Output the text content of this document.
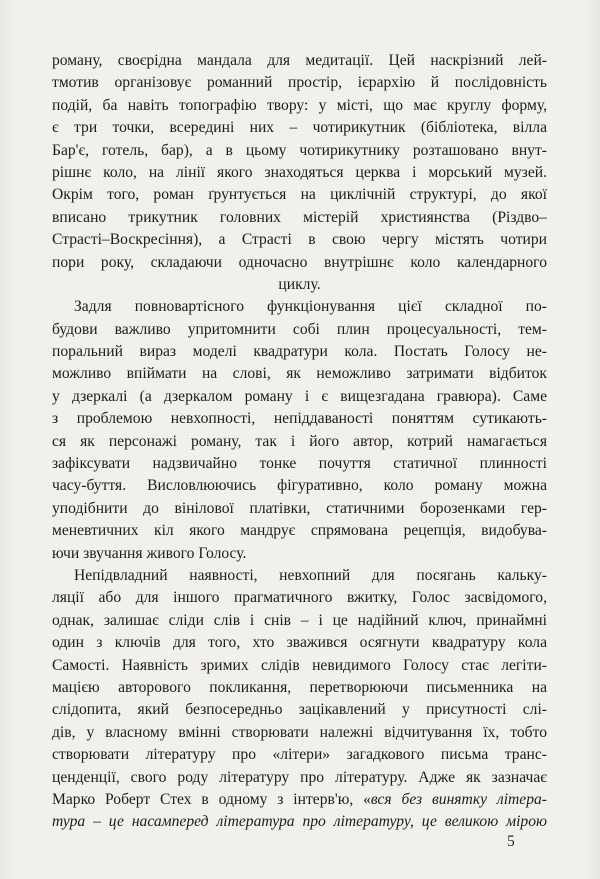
роману, своєрідна мандала для медитації. Цей наскрізний лей-
тмотив організовує романний простір, ієрархію й послідовність
подій, ба навіть топографію твору: у місті, що має круглу форму,
є три точки, всередині них – чотирикутник (бібліотека, вілла
Бар'є, готель, бар), а в цьому чотирикутнику розташовано внут-
рішнє коло, на лінії якого знаходяться церква і морський музей.
Окрім того, роман ґрунтується на циклічній структурі, до якої
вписано трикутник головних містерій християнства (Різдво–
Страсті–Воскресіння), а Страсті в свою чергу містять чотири
пори року, складаючи одночасно внутрішнє коло календарного
циклу.
Задля повновартісного функціонування цієї складної по-
будови важливо упритомнити собі плин процесуальності, тем-
поральний вираз моделі квадратури кола. Постать Голосу не-
можливо впіймати на слові, як неможливо затримати відбиток
у дзеркалі (а дзеркалом роману і є вищезгадана гравюра). Саме
з проблемою невхопності, непіддаваності поняттям сутикають-
ся як персонажі роману, так і його автор, котрий намагається
зафіксувати надзвичайно тонке почуття статичної плинності
часу-буття. Висловлюючись фігуративно, коло роману можна
уподібнити до вінілової платівки, статичними борозенками гер-
меневтичних кіл якого мандрує спрямована рецепція, видобува-
ючи звучання живого Голосу.
Непідвладний наявності, невхопний для посягань кальку-
ляції або для іншого прагматичного вжитку, Голос засвідомого,
однак, залишає сліди слів і снів – і це надійний ключ, принаймні
один з ключів для того, хто зважився осягнути квадратуру кола
Самості. Наявність зримих слідів невидимого Голосу стає легіти-
мацією авторового покликання, перетворюючи письменника на
слідопита, який безпосередньо зацікавлений у присутності слі-
дів, у власному вмінні створювати належні відчитування їх, тобто
створювати літературу про «літери» загадкового письма транс-
ценденції, свого роду літературу про літературу. Адже як зазначає
Марко Роберт Стех в одному з інтерв'ю, «вся без винятку літера-
тура – це насамперед література про літературу, це великою мірою
5
